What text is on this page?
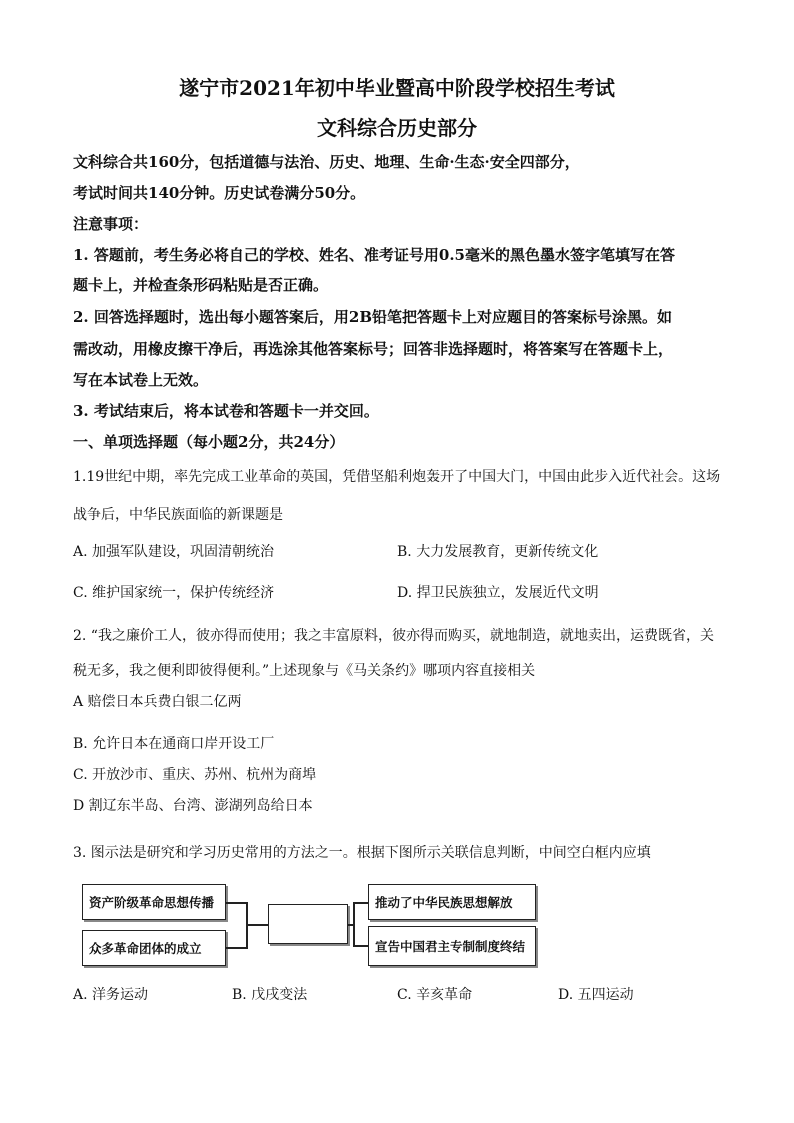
遂宁市2021年初中毕业暨高中阶段学校招生考试
文科综合历史部分
文科综合共160分，包括道德与法治、历史、地理、生命·生态·安全四部分，
考试时间共140分钟。历史试卷满分50分。
注意事项：
1. 答题前，考生务必将自己的学校、姓名、准考证号用0.5毫米的黑色墨水签字笔填写在答
题卡上，并检查条形码粘贴是否正确。
2. 回答选择题时，选出每小题答案后，用2B铅笔把答题卡上对应题目的答案标号涂黑。如
需改动，用橡皮擦干净后，再选涂其他答案标号；回答非选择题时，将答案写在答题卡上，
写在本试卷上无效。
3. 考试结束后，将本试卷和答题卡一并交回。
一、单项选择题（每小题2分，共24分）
1.19世纪中期，率先完成工业革命的英国，凭借坚船利炮轰开了中国大门，中国由此步入近代社会。这场
战争后，中华民族面临的新课题是
A. 加强军队建设，巩固清朝统治	B. 大力发展教育，更新传统文化
C. 维护国家统一，保护传统经济	D. 捍卫民族独立，发展近代文明
2. “我之廉价工人，彼亦得而使用；我之丰富原料，彼亦得而购买，就地制造，就地卖出，运费既省，关
税无多，我之便利即彼得便利。”上述现象与《马关条约》哪项内容直接相关
A 赔偿日本兵费白银二亿两
B. 允许日本在通商口岸开设工厂
C. 开放沙市、重庆、苏州、杭州为商埠
D 割辽东半岛、台湾、澎湖列岛给日本
3. 图示法是研究和学习历史常用的方法之一。根据下图所示关联信息判断，中间空白框内应填
资产阶级革命思想传播
众多革命团体的成立
推动了中华民族思想解放
宣告中国君主专制制度终结
A. 洋务运动	B. 戊戌变法	C. 辛亥革命	D. 五四运动
